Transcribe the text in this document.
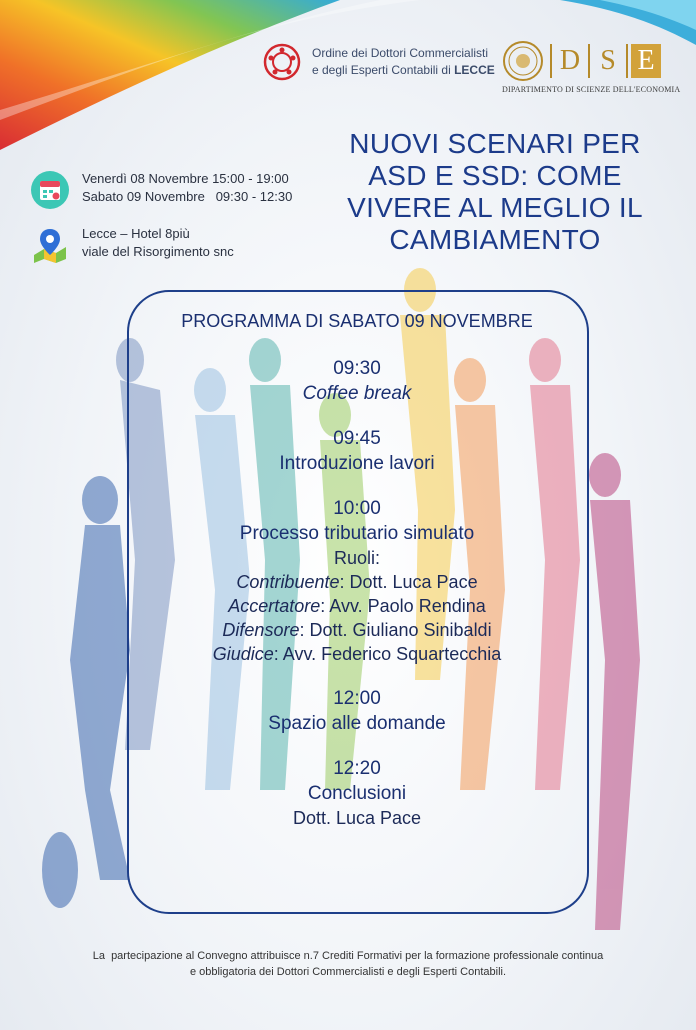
Ordine dei Dottori Commercialisti
e degli Esperti Contabili di LECCE D S E
DIPARTIMENTO DI SCIENZE DELL'ECONOMIA
Venerdì 08 Novembre 15:00 - 19:00
Sabato 09 Novembre   09:30 - 12:30
Lecce – Hotel 8più
viale del Risorgimento snc
NUOVI SCENARI PER
ASD E SSD: COME
VIVERE AL MEGLIO IL
CAMBIAMENTO
PROGRAMMA DI SABATO 09 NOVEMBRE
09:30
Coffee break
09:45
Introduzione lavori
10:00
Processo tributario simulato
Ruoli:
Contribuente: Dott. Luca Pace
Accertatore: Avv. Paolo Rendina
Difensore: Dott. Giuliano Sinibaldi
Giudice: Avv. Federico Squartecchia
12:00
Spazio alle domande
12:20
Conclusioni
Dott. Luca Pace
La  partecipazione al Convegno attribuisce n.7 Crediti Formativi per la formazione professionale continua
e obbligatoria dei Dottori Commercialisti e degli Esperti Contabili.
